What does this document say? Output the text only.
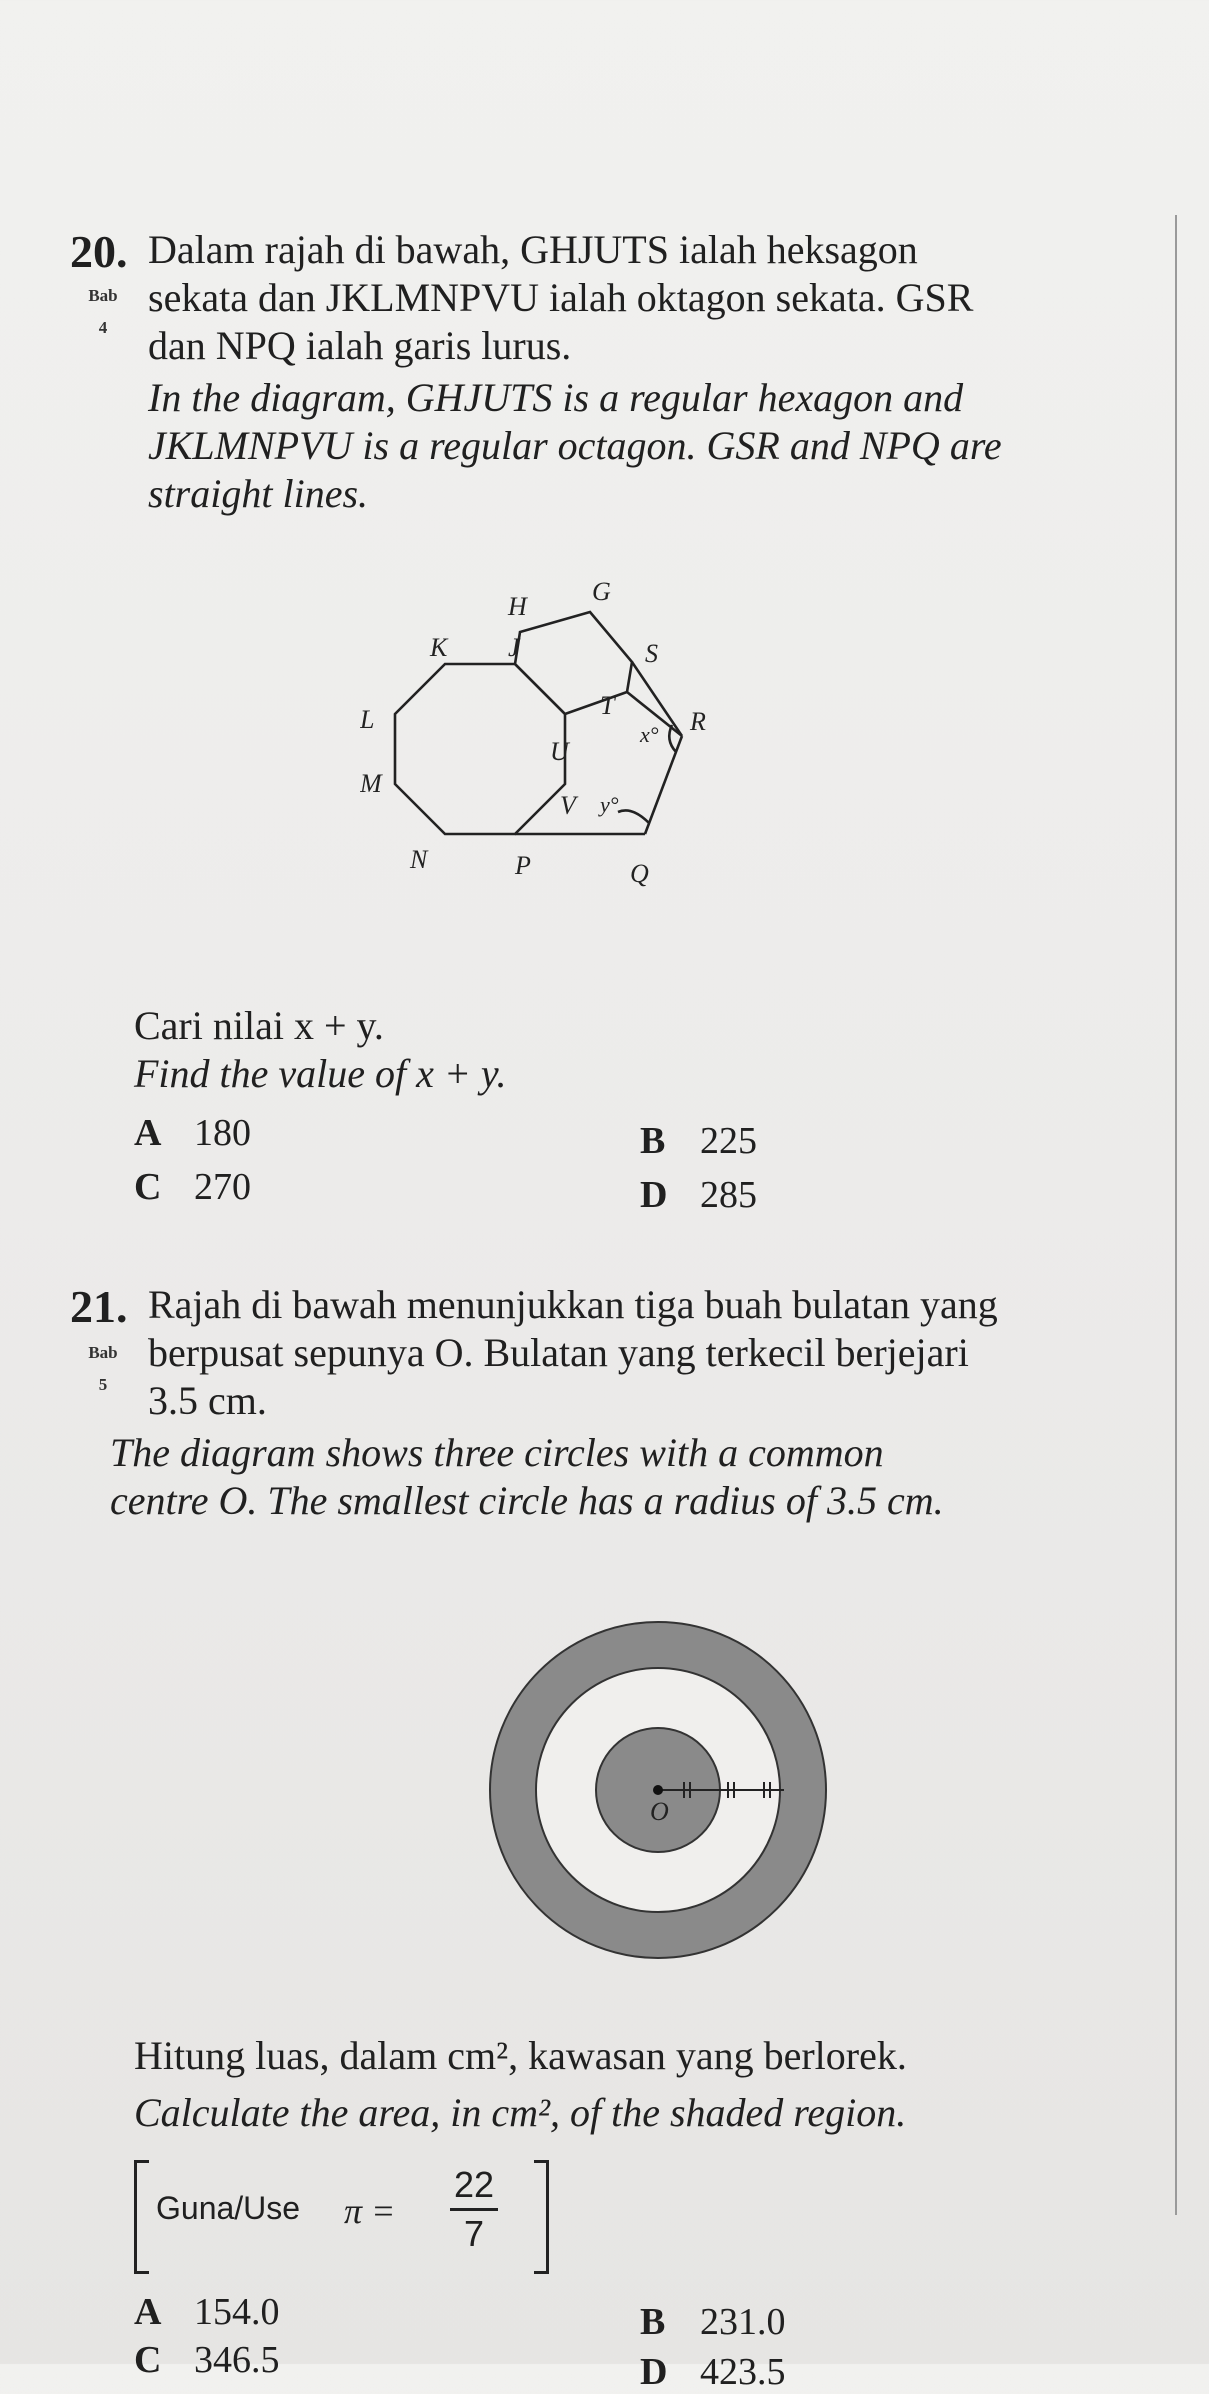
20.
Bab
4
Dalam rajah di bawah, GHJUTS ialah heksagon
sekata dan JKLMNPVU ialah oktagon sekata. GSR
dan NPQ ialah garis lurus.
In the diagram, GHJUTS is a regular hexagon and
JKLMNPVU is a regular octagon. GSR and NPQ are
straight lines.
H
G
S
K J
T
R
L
U
M
V
N	P	Q
x°
y°
Cari nilai x + y.
Find the value of x + y.
A 180	B 225
C 270	D 285
21.
Bab
5
Rajah di bawah menunjukkan tiga buah bulatan yang
berpusat sepunya O. Bulatan yang terkecil berjejari
3.5 cm.
The diagram shows three circles with a common
centre O. The smallest circle has a radius of 3.5 cm.
O
Hitung luas, dalam cm², kawasan yang berlorek.
Calculate the area, in cm², of the shaded region.
Guna/Use π =
22
7
A 154.0	B 231.0
C 346.5	D 423.5
